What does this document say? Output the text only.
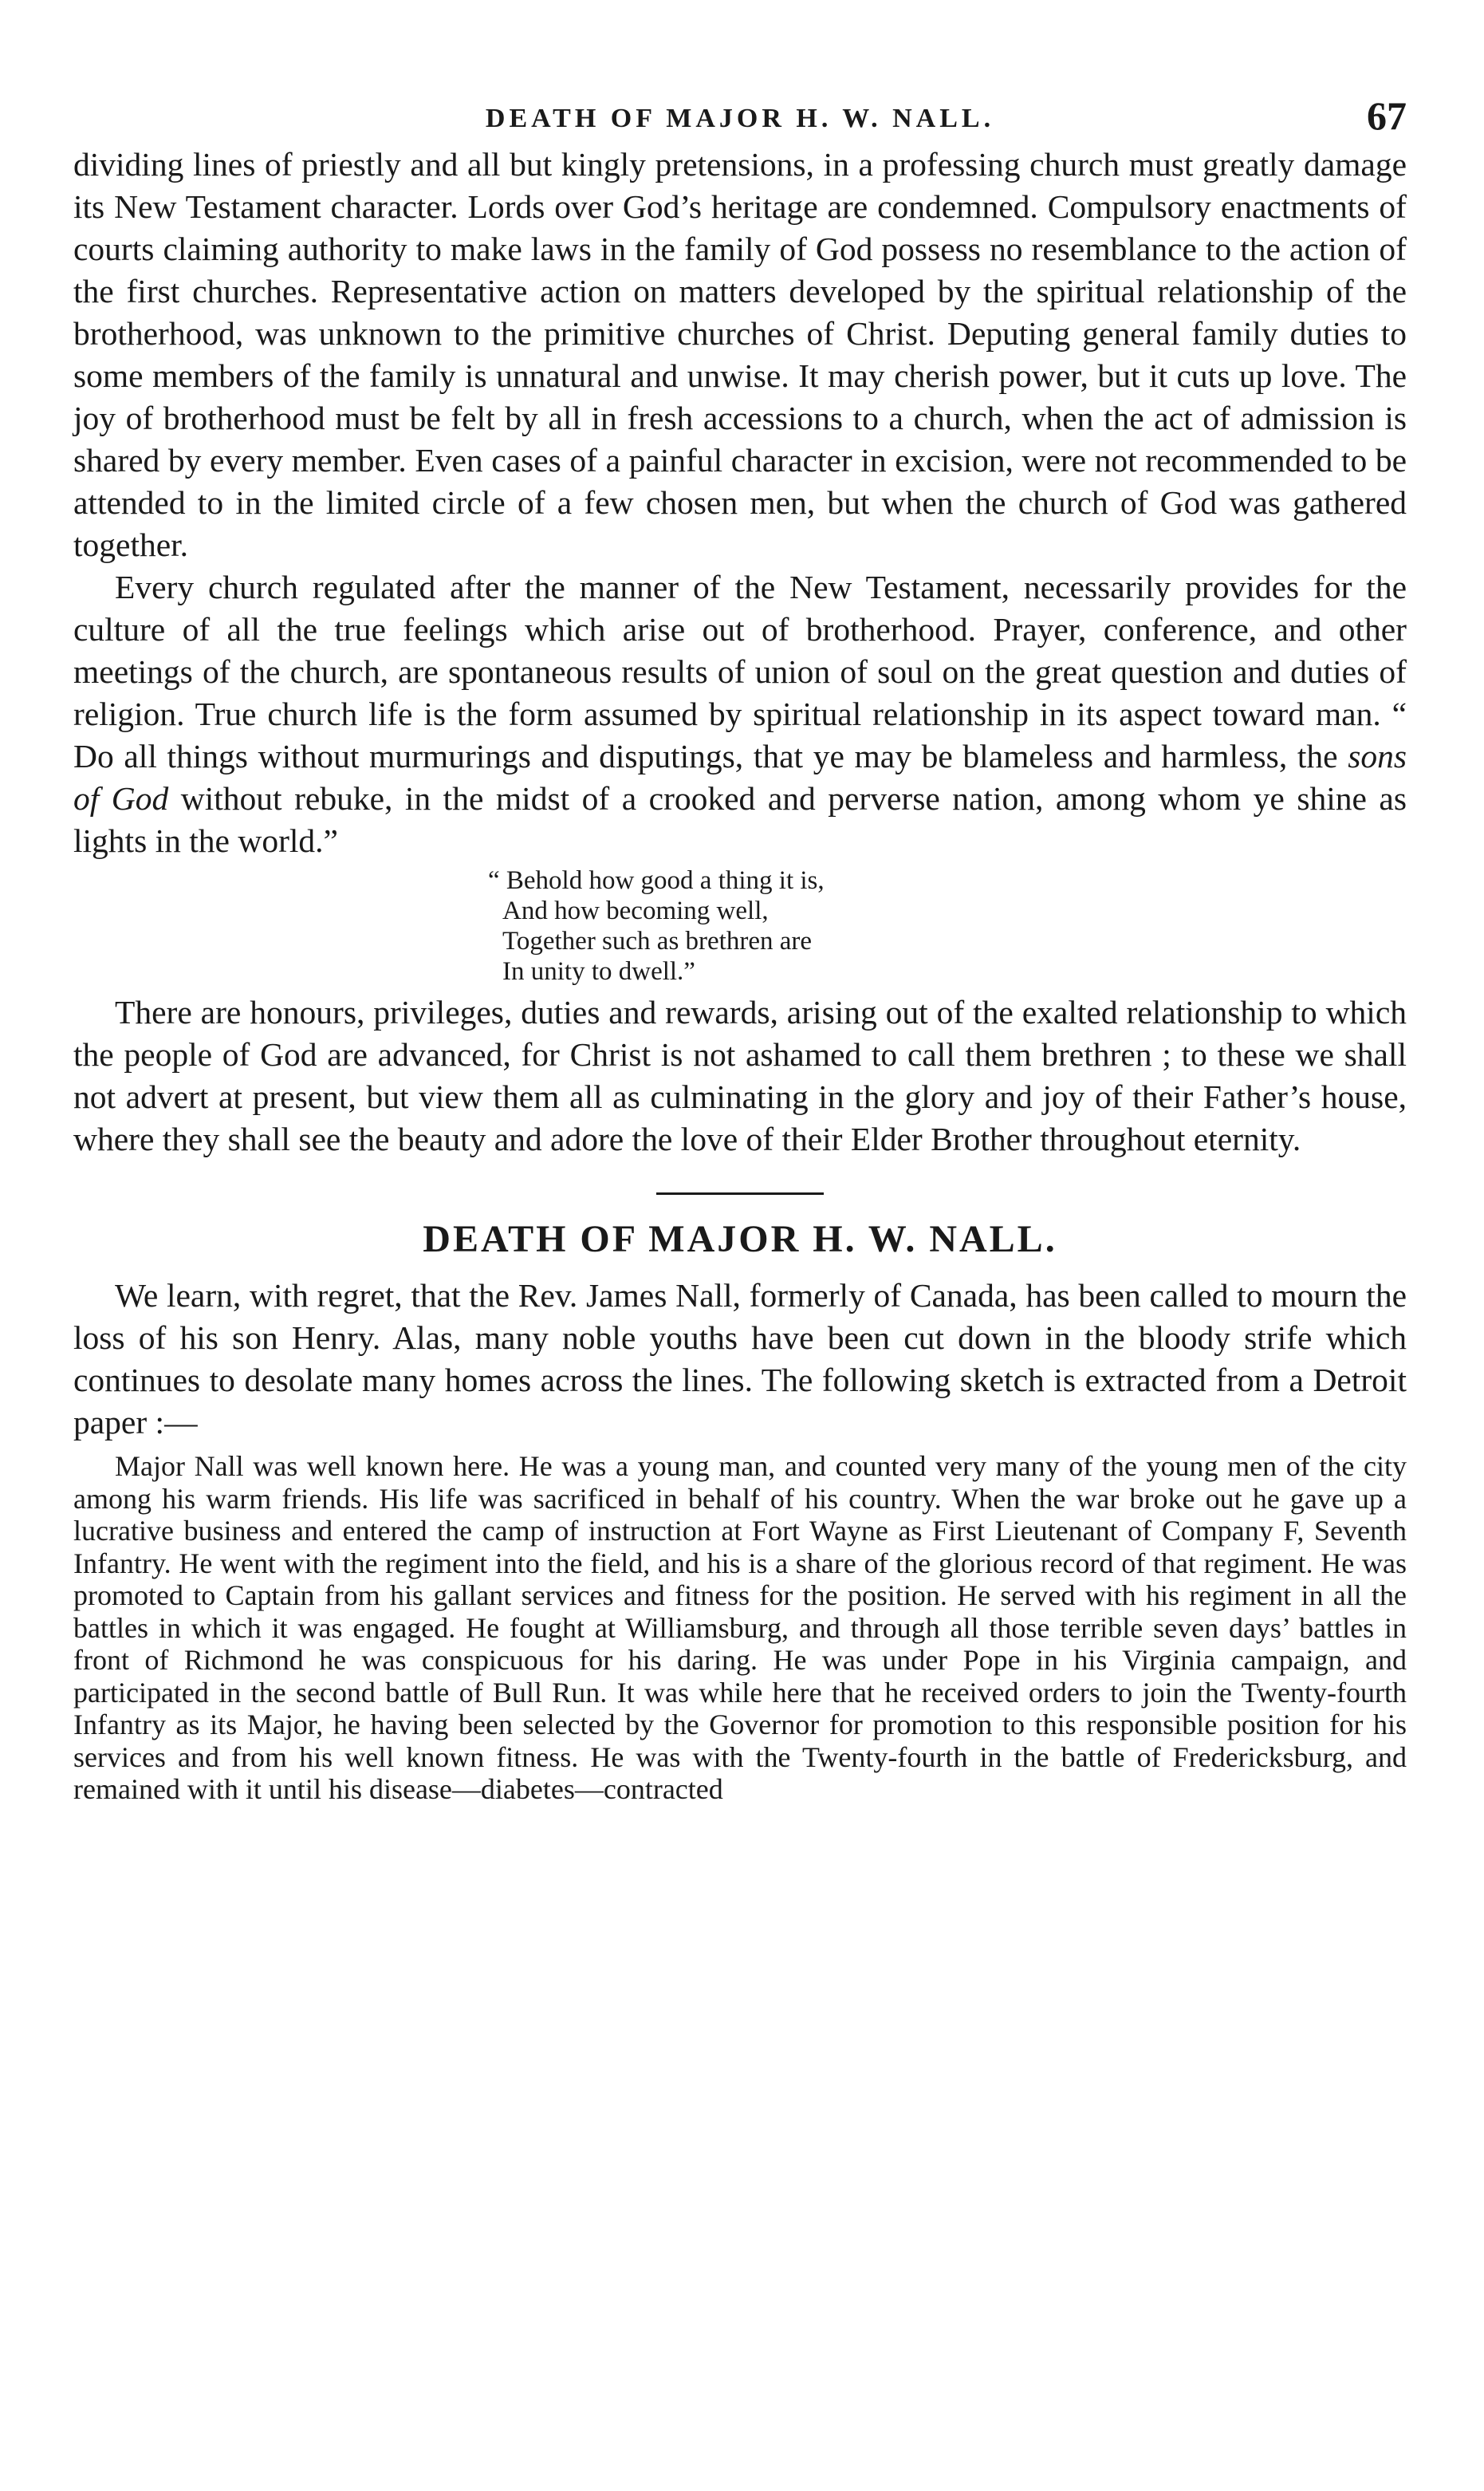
DEATH OF MAJOR H. W. NALL.	67

dividing lines of priestly and all but kingly pretensions, in a professing church must greatly damage its New Testament character. Lords over God’s heritage are condemned. Compulsory enactments of courts claiming authority to make laws in the family of God possess no resemblance to the action of the first churches. Representative action on matters developed by the spiritual relationship of the brotherhood, was unknown to the primitive churches of Christ. Deputing general family duties to some members of the family is unnatural and unwise. It may cherish power, but it cuts up love. The joy of brotherhood must be felt by all in fresh accessions to a church, when the act of admission is shared by every member. Even cases of a painful character in excision, were not recommended to be attended to in the limited circle of a few chosen men, but when the church of God was gathered together.

Every church regulated after the manner of the New Testament, necessarily provides for the culture of all the true feelings which arise out of brotherhood. Prayer, conference, and other meetings of the church, are spontaneous results of union of soul on the great question and duties of religion. True church life is the form assumed by spiritual relationship in its aspect toward man. “ Do all things without murmurings and disputings, that ye may be blameless and harmless, the sons of God without rebuke, in the midst of a crooked and perverse nation, among whom ye shine as lights in the world.”

“ Behold how good a thing it is,
And how becoming well,
Together such as brethren are
In unity to dwell.”

There are honours, privileges, duties and rewards, arising out of the exalted relationship to which the people of God are advanced, for Christ is not ashamed to call them brethren ; to these we shall not advert at present, but view them all as culminating in the glory and joy of their Father’s house, where they shall see the beauty and adore the love of their Elder Brother throughout eternity.

DEATH OF MAJOR H. W. NALL.

We learn, with regret, that the Rev. James Nall, formerly of Canada, has been called to mourn the loss of his son Henry. Alas, many noble youths have been cut down in the bloody strife which continues to desolate many homes across the lines. The following sketch is extracted from a Detroit paper :—

Major Nall was well known here. He was a young man, and counted very many of the young men of the city among his warm friends. His life was sacrificed in behalf of his country. When the war broke out he gave up a lucrative business and entered the camp of instruction at Fort Wayne as First Lieutenant of Company F, Seventh Infantry. He went with the regiment into the field, and his is a share of the glorious record of that regiment. He was promoted to Captain from his gallant services and fitness for the position. He served with his regiment in all the battles in which it was engaged. He fought at Williamsburg, and through all those terrible seven days’ battles in front of Richmond he was conspicuous for his daring. He was under Pope in his Virginia campaign, and participated in the second battle of Bull Run. It was while here that he received orders to join the Twenty-fourth Infantry as its Major, he having been selected by the Governor for promotion to this responsible position for his services and from his well known fitness. He was with the Twenty-fourth in the battle of Fredericksburg, and remained with it until his disease—diabetes—contracted
